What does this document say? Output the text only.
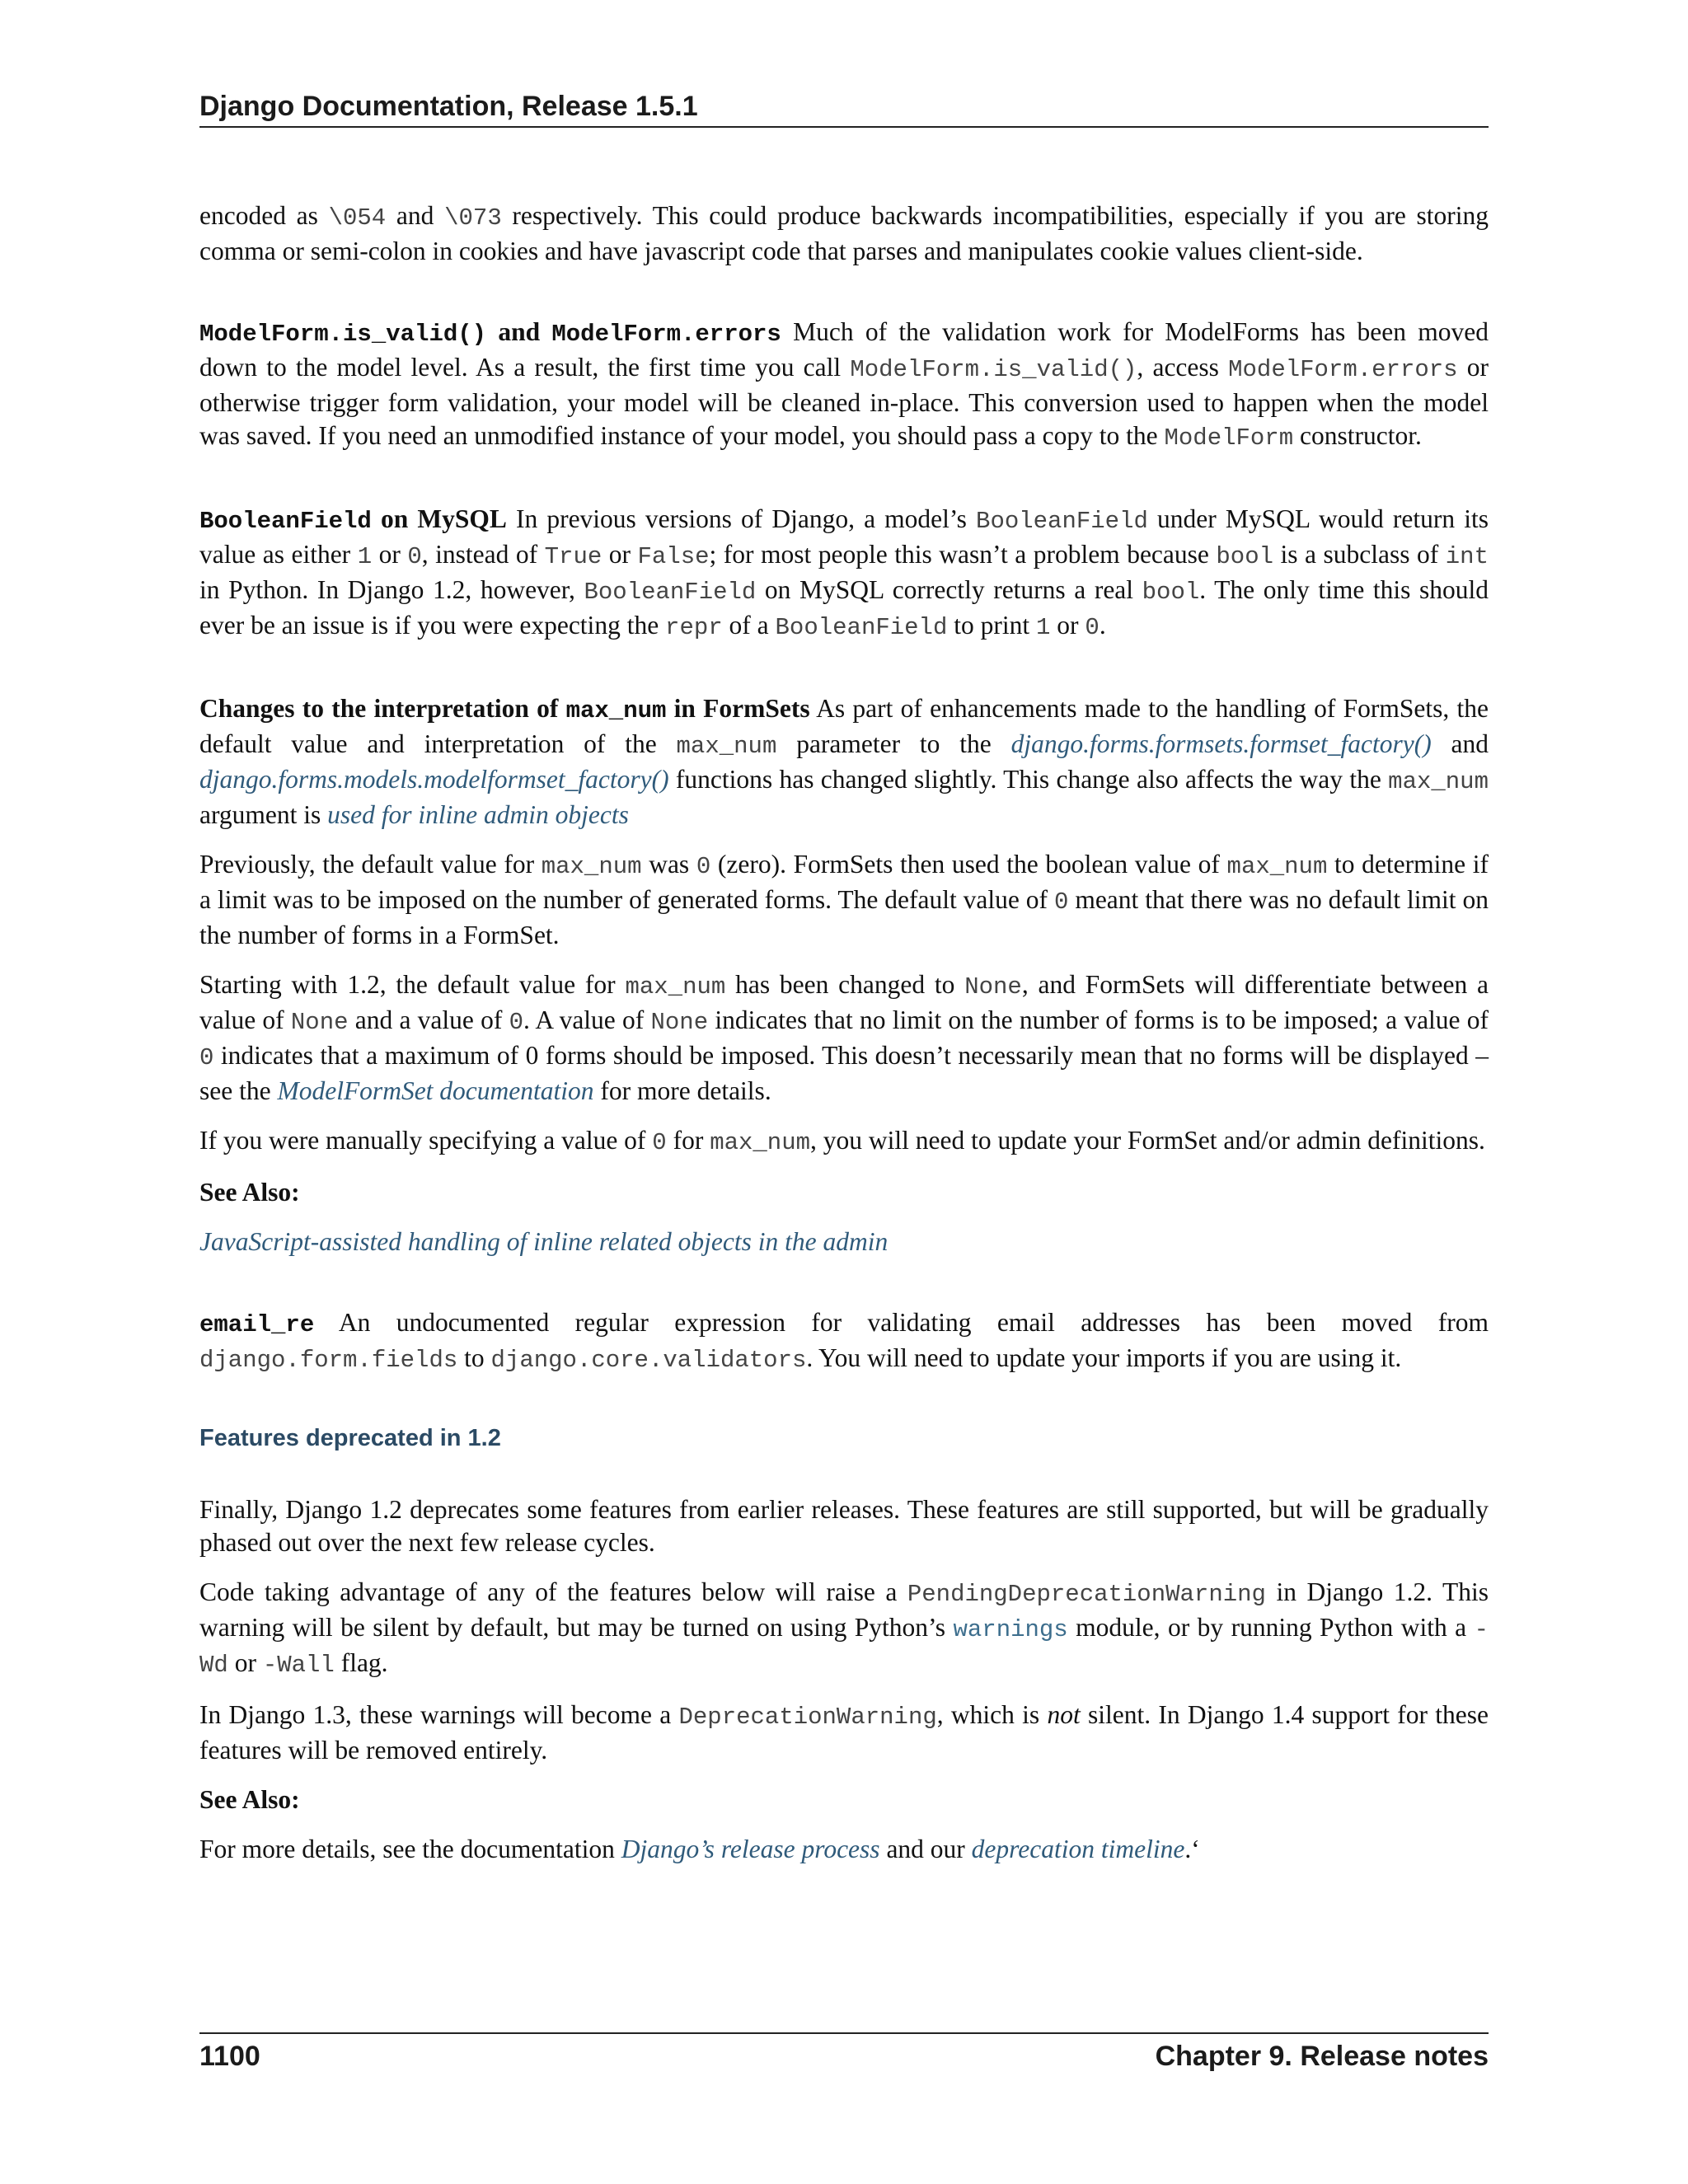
Django Documentation, Release 1.5.1

encoded as \054 and \073 respectively. This could produce backwards incompatibilities, especially if you are storing comma or semi-colon in cookies and have javascript code that parses and manipulates cookie values client-side.

ModelForm.is_valid() and ModelForm.errors Much of the validation work for ModelForms has been moved down to the model level. As a result, the first time you call ModelForm.is_valid(), access ModelForm.errors or otherwise trigger form validation, your model will be cleaned in-place. This conversion used to happen when the model was saved. If you need an unmodified instance of your model, you should pass a copy to the ModelForm constructor.

BooleanField on MySQL In previous versions of Django, a model’s BooleanField under MySQL would return its value as either 1 or 0, instead of True or False; for most people this wasn’t a problem because bool is a subclass of int in Python. In Django 1.2, however, BooleanField on MySQL correctly returns a real bool. The only time this should ever be an issue is if you were expecting the repr of a BooleanField to print 1 or 0.

Changes to the interpretation of max_num in FormSets As part of enhancements made to the handling of FormSets, the default value and interpretation of the max_num parameter to the django.forms.formsets.formset_factory() and django.forms.models.modelformset_factory() functions has changed slightly. This change also affects the way the max_num argument is used for inline admin objects

Previously, the default value for max_num was 0 (zero). FormSets then used the boolean value of max_num to determine if a limit was to be imposed on the number of generated forms. The default value of 0 meant that there was no default limit on the number of forms in a FormSet.

Starting with 1.2, the default value for max_num has been changed to None, and FormSets will differentiate between a value of None and a value of 0. A value of None indicates that no limit on the number of forms is to be imposed; a value of 0 indicates that a maximum of 0 forms should be imposed. This doesn’t necessarily mean that no forms will be displayed – see the ModelFormSet documentation for more details.

If you were manually specifying a value of 0 for max_num, you will need to update your FormSet and/or admin definitions.

See Also:

JavaScript-assisted handling of inline related objects in the admin

email_re An undocumented regular expression for validating email addresses has been moved from django.form.fields to django.core.validators. You will need to update your imports if you are using it.

Features deprecated in 1.2

Finally, Django 1.2 deprecates some features from earlier releases. These features are still supported, but will be gradually phased out over the next few release cycles.

Code taking advantage of any of the features below will raise a PendingDeprecationWarning in Django 1.2. This warning will be silent by default, but may be turned on using Python’s warnings module, or by running Python with a -Wd or -Wall flag.

In Django 1.3, these warnings will become a DeprecationWarning, which is not silent. In Django 1.4 support for these features will be removed entirely.

See Also:

For more details, see the documentation Django’s release process and our deprecation timeline.‘

1100	Chapter 9. Release notes
